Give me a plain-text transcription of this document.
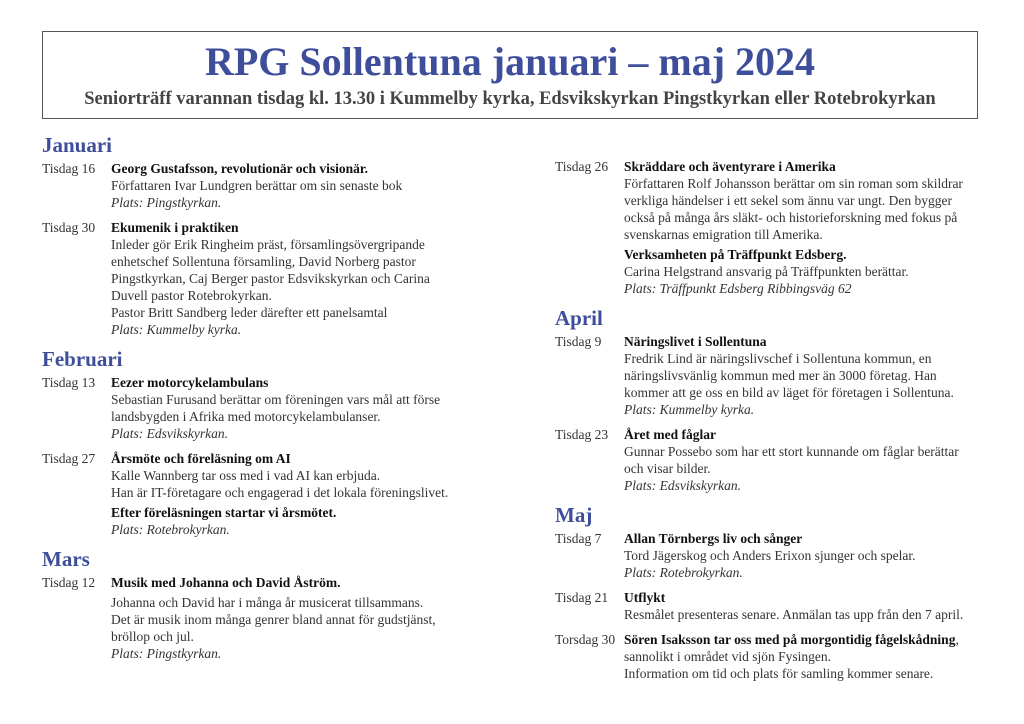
RPG Sollentuna januari – maj 2024

Seniorträff varannan tisdag kl. 13.30 i Kummelby kyrka, Edsvikskyrkan Pingstkyrkan eller Rotebrokyrkan

Januari
Tisdag 16	Georg Gustafsson, revolutionär och visionär.
Författaren Ivar Lundgren berättar om sin senaste bok
Plats: Pingstkyrkan.
Tisdag 30	Ekumenik i praktiken
Inleder gör Erik Ringheim präst, församlingsövergripande
enhetschef Sollentuna församling, David Norberg pastor
Pingstkyrkan, Caj Berger pastor Edsvikskyrkan och Carina
Duvell pastor Rotebrokyrkan.
Pastor Britt Sandberg leder därefter ett panelsamtal
Plats: Kummelby kyrka.
Februari
Tisdag 13	Eezer motorcykelambulans
Sebastian Furusand berättar om föreningen vars mål att förse
landsbygden i Afrika med motorcykelambulanser.
Plats: Edsvikskyrkan.
Tisdag 27	Årsmöte och föreläsning om AI
Kalle Wannberg tar oss med i vad AI kan erbjuda.
Han är IT-företagare och engagerad i det lokala föreningslivet.
Efter föreläsningen startar vi årsmötet.
Plats: Rotebrokyrkan.
Mars
Tisdag 12	Musik med Johanna och David Åström.
Johanna och David har i många år musicerat tillsammans.
Det är musik inom många genrer bland annat för gudstjänst,
bröllop och jul.
Plats: Pingstkyrkan.
Tisdag 26	Skräddare och äventyrare i Amerika
Författaren Rolf Johansson berättar om sin roman som skildrar
verkliga händelser i ett sekel som ännu var ungt. Den bygger
också på många års släkt- och historieforskning med fokus på
svenskarnas emigration till Amerika.
Verksamheten på Träffpunkt Edsberg.
Carina Helgstrand ansvarig på Träffpunkten berättar.
Plats: Träffpunkt Edsberg Ribbingsväg 62
April
Tisdag 9	Näringslivet i Sollentuna
Fredrik Lind är näringslivschef i Sollentuna kommun, en
näringslivsvänlig kommun med mer än 3000 företag. Han
kommer att ge oss en bild av läget för företagen i Sollentuna.
Plats: Kummelby kyrka.
Tisdag 23	Året med fåglar
Gunnar Possebo som har ett stort kunnande om fåglar berättar
och visar bilder.
Plats: Edsvikskyrkan.
Maj
Tisdag 7	Allan Törnbergs liv och sånger
Tord Jägerskog och Anders Erixon sjunger och spelar.
Plats: Rotebrokyrkan.
Tisdag 21	Utflykt
Resmålet presenteras senare. Anmälan tas upp från den 7 april.
Torsdag 30 Sören Isaksson tar oss med på morgontidig fågelskådning,
sannolikt i området vid sjön Fysingen.
Information om tid och plats för samling kommer senare.
